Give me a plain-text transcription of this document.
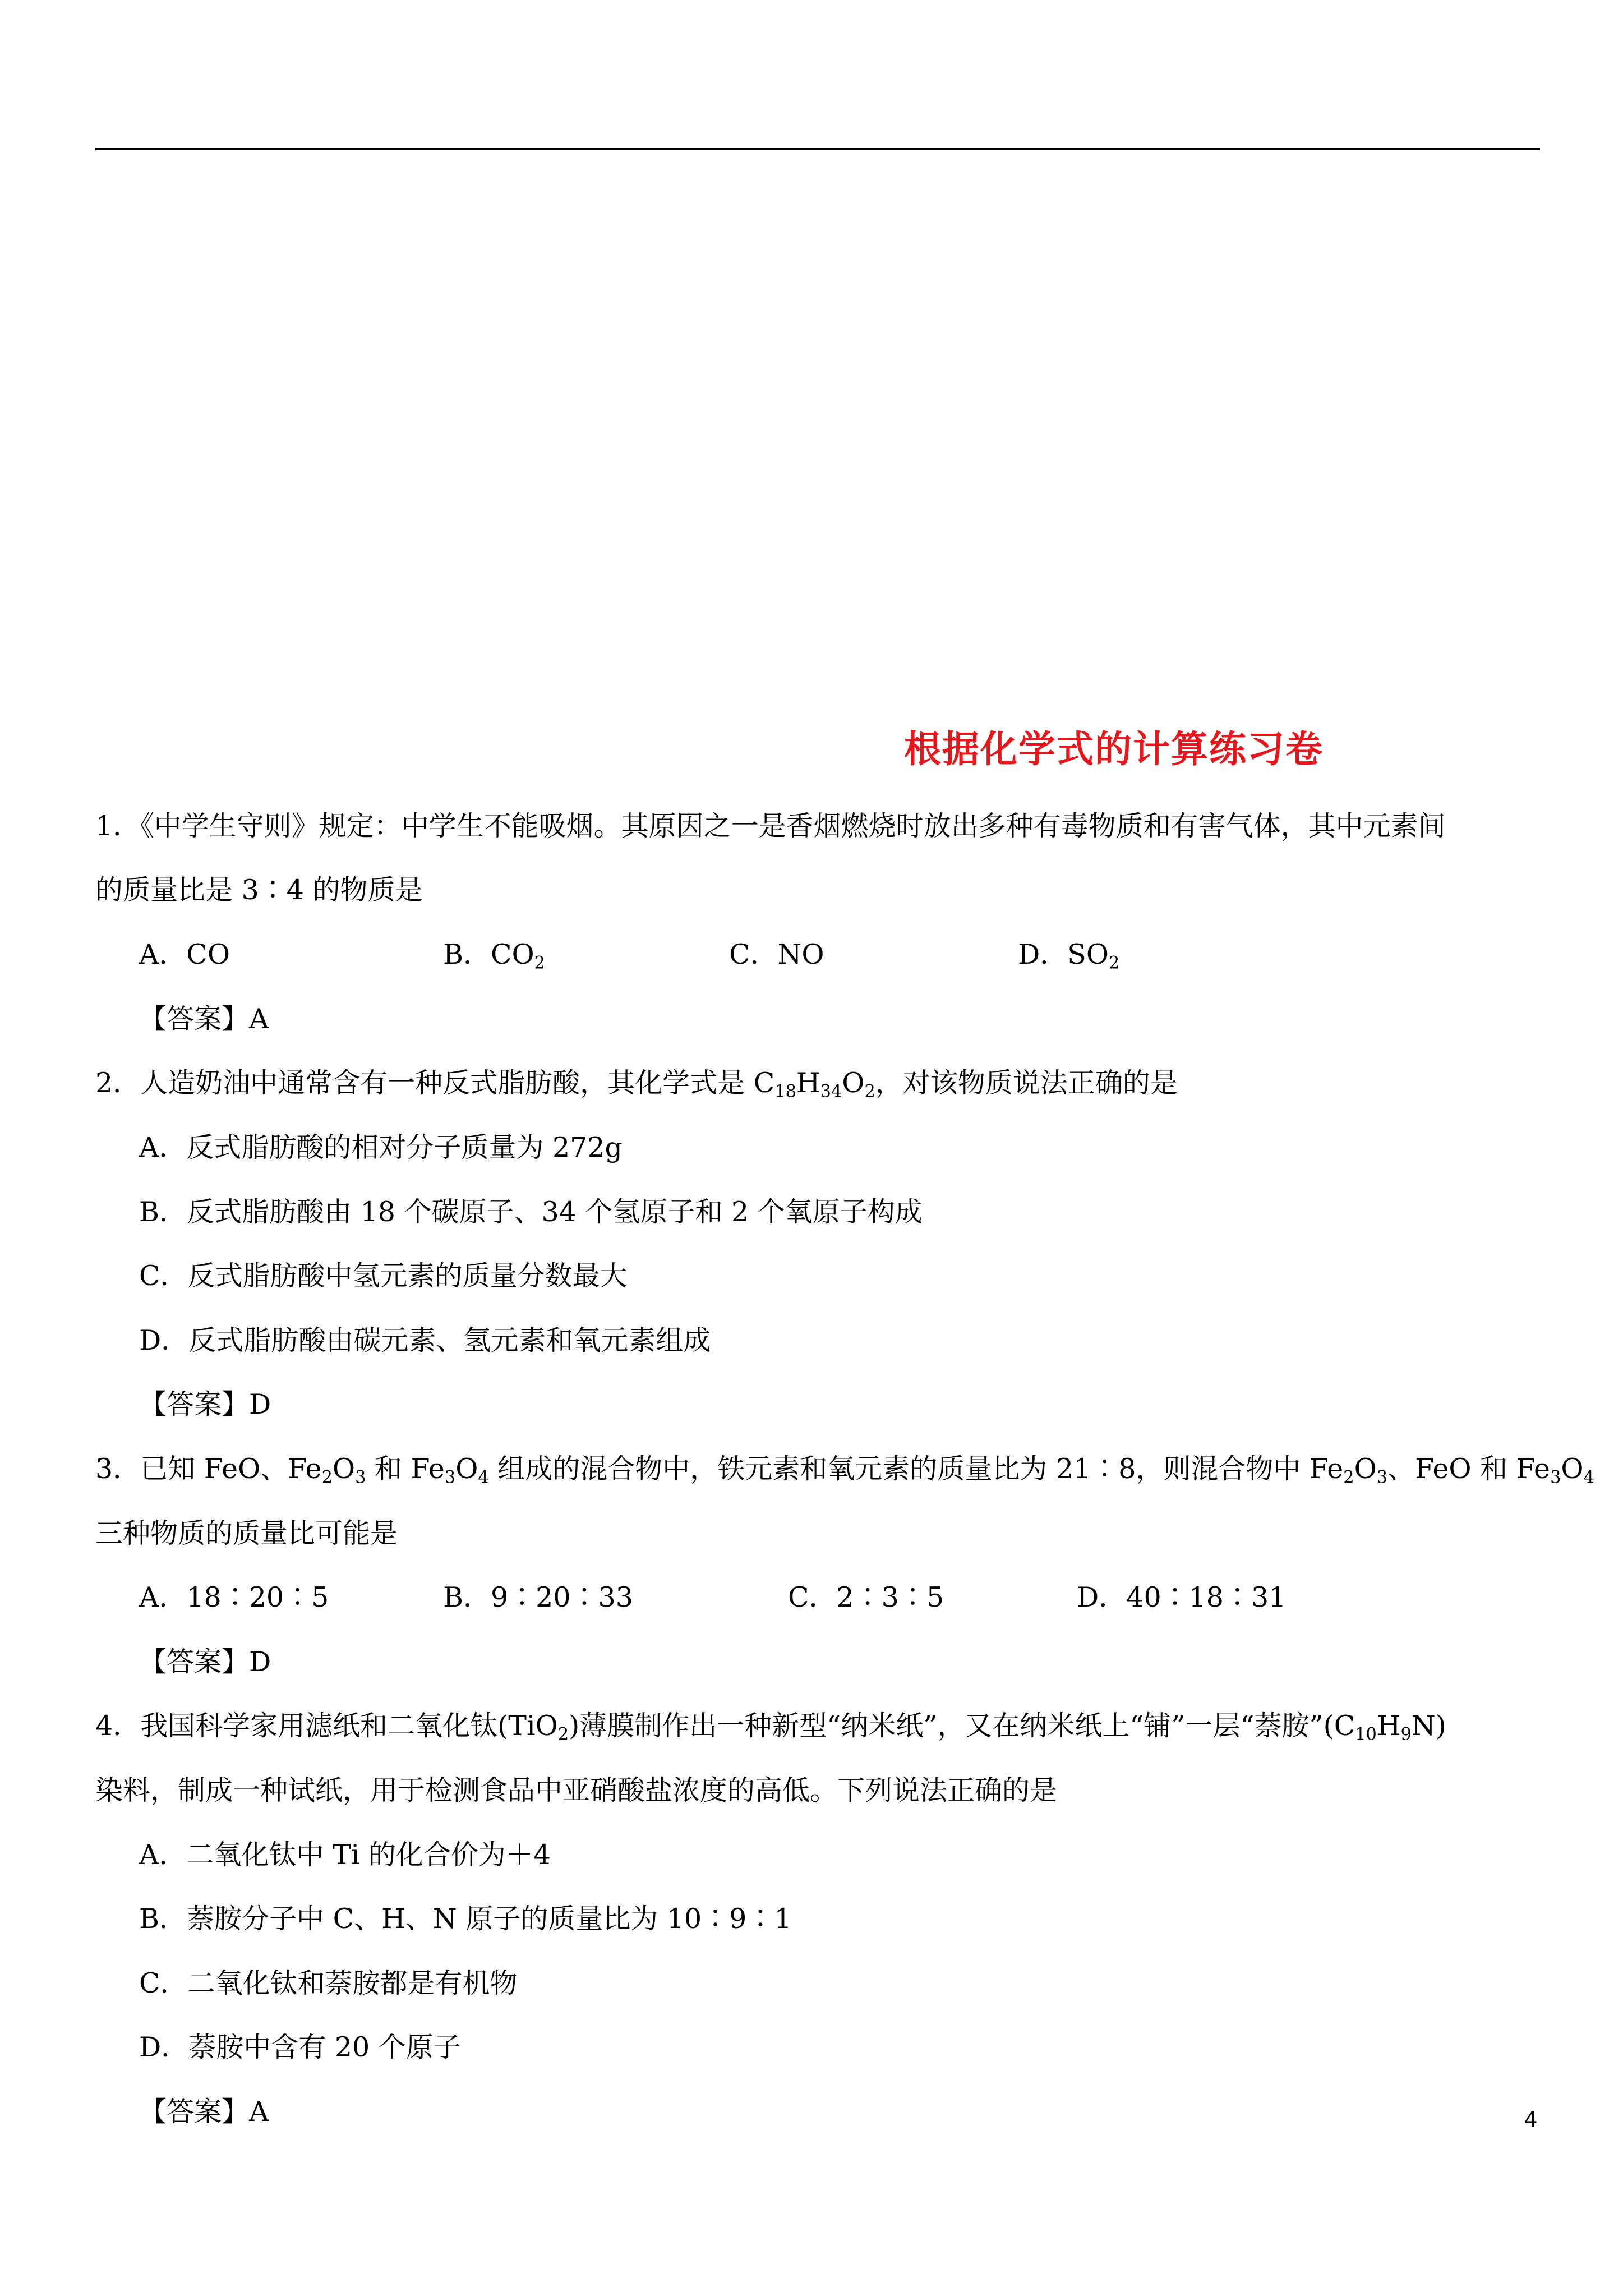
根据化学式的计算练习卷
1．《中学生守则》规定：中学生不能吸烟。其原因之一是香烟燃烧时放出多种有毒物质和有害气体，其中元素间
的质量比是 3∶4 的物质是
A．CO	B．$CO_2$	C．NO	D．$SO_2$
【答案】A
2．人造奶油中通常含有一种反式脂肪酸，其化学式是 $C_{18}H_{34}O_2$，对该物质说法正确的是
A．反式脂肪酸的相对分子质量为 272g
B．反式脂肪酸由 18 个碳原子、34 个氢原子和 2 个氧原子构成
C．反式脂肪酸中氢元素的质量分数最大
D．反式脂肪酸由碳元素、氢元素和氧元素组成
【答案】D
3．已知 FeO、$Fe_2O_3$ 和 $Fe_3O_4$ 组成的混合物中，铁元素和氧元素的质量比为 21∶8，则混合物中 $Fe_2O_3$、FeO 和 $Fe_3O_4$
三种物质的质量比可能是
A．18∶20∶5	B．9∶20∶33	C．2∶3∶5	D．40∶18∶31
【答案】D
4．我国科学家用滤纸和二氧化钛(TiO$_2$)薄膜制作出一种新型“纳米纸”，又在纳米纸上“铺”一层“萘胺$”(C_{10}H_9N)$
染料，制成一种试纸，用于检测食品中亚硝酸盐浓度的高低。下列说法正确的是
A．二氧化钛中 Ti 的化合价为＋4
B．萘胺分子中 C、H、N 原子的质量比为 10∶9∶1
C．二氧化钛和萘胺都是有机物
D．萘胺中含有 20 个原子
【答案】A	4
